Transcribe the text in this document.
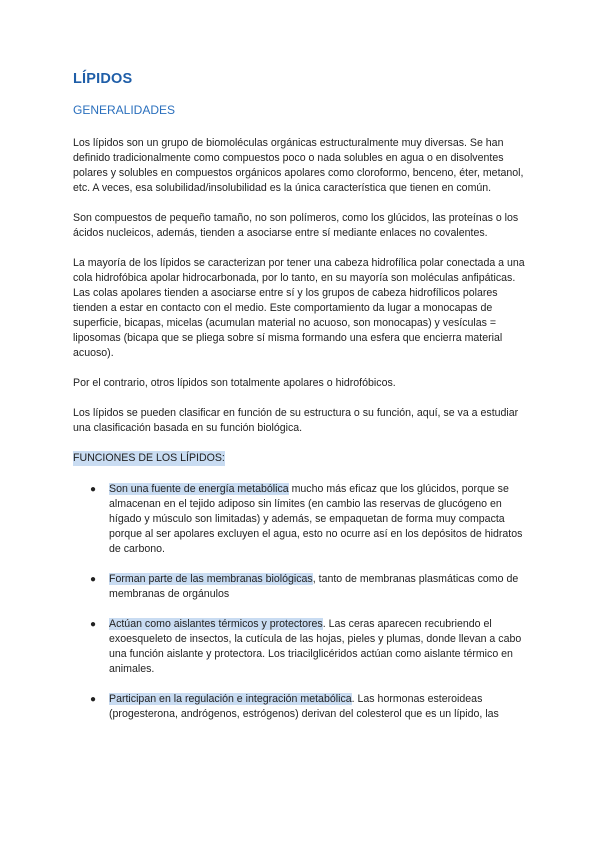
LÍPIDOS
GENERALIDADES

Los lípidos son un grupo de biomoléculas orgánicas estructuralmente muy diversas. Se han definido tradicionalmente como compuestos poco o nada solubles en agua o en disolventes polares y solubles en compuestos orgánicos apolares como cloroformo, benceno, éter, metanol, etc. A veces, esa solubilidad/insolubilidad es la única característica que tienen en común.

Son compuestos de pequeño tamaño, no son polímeros, como los glúcidos, las proteínas o los ácidos nucleicos, además, tienden a asociarse entre sí mediante enlaces no covalentes.

La mayoría de los lípidos se caracterizan por tener una cabeza hidrofílica polar conectada a una cola hidrofóbica apolar hidrocarbonada, por lo tanto, en su mayoría son moléculas anfipáticas.

Las colas apolares tienden a asociarse entre sí y los grupos de cabeza hidrofílicos polares tienden a estar en contacto con el medio. Este comportamiento da lugar a monocapas de superficie, bicapas, micelas (acumulan material no acuoso, son monocapas) y vesículas = liposomas (bicapa que se pliega sobre sí misma formando una esfera que encierra material acuoso).

Por el contrario, otros lípidos son totalmente apolares o hidrofóbicos.

Los lípidos se pueden clasificar en función de su estructura o su función, aquí, se va a estudiar una clasificación basada en su función biológica.

FUNCIONES DE LOS LÍPIDOS:
● Son una fuente de energía metabólica mucho más eficaz que los glúcidos, porque se almacenan en el tejido adiposo sin límites (en cambio las reservas de glucógeno en hígado y músculo son limitadas) y además, se empaquetan de forma muy compacta porque al ser apolares excluyen el agua, esto no ocurre así en los depósitos de hidratos de carbono.
● Forman parte de las membranas biológicas, tanto de membranas plasmáticas como de membranas de orgánulos
● Actúan como aislantes térmicos y protectores. Las ceras aparecen recubriendo el exoesqueleto de insectos, la cutícula de las hojas, pieles y plumas, donde llevan a cabo una función aislante y protectora. Los triacilglicéridos actúan como aislante térmico en animales.
● Participan en la regulación e integración metabólica. Las hormonas esteroideas (progesterona, andrógenos, estrógenos) derivan del colesterol que es un lípido, las
